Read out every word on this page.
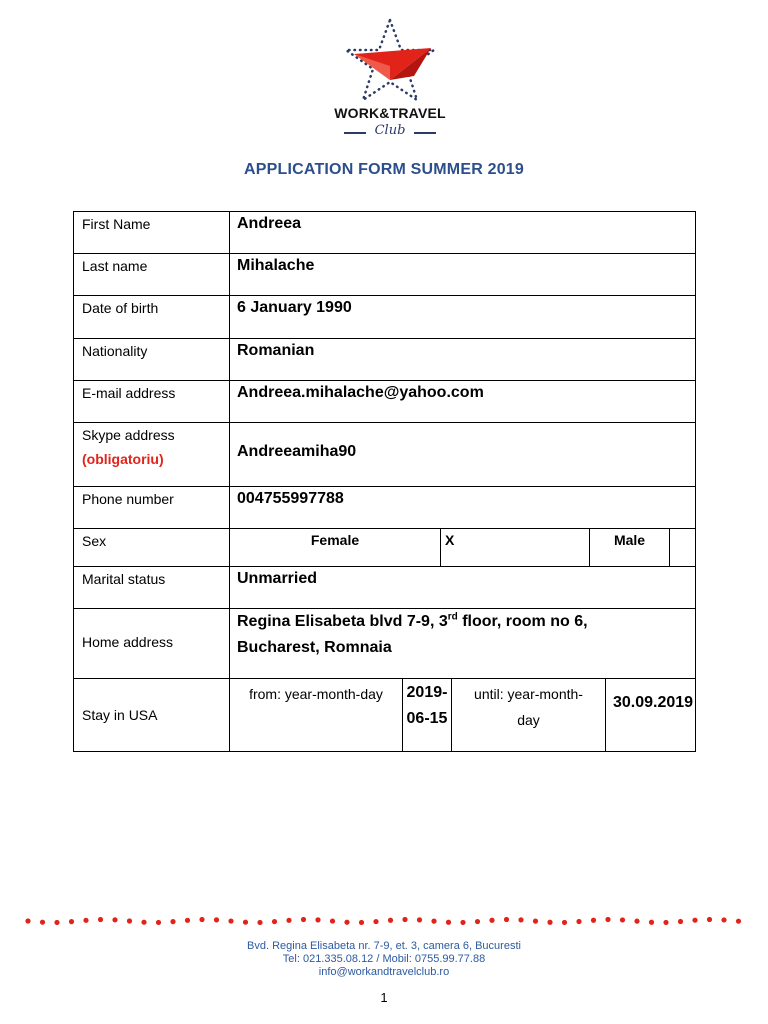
WORK&TRAVEL
Club
APPLICATION FORM SUMMER 2019
First Name	Andreea						
Last name	Mihalache						
Date of birth	6 January 1990						
Nationality	Romanian						
E-mail address	Andreea.mihalache@yahoo.com						

Skype address
(obligatoriu)	Andreeamiha90						
Phone number	004755997788						
Sex	Female		X		Male		
Marital status	Unmarried						
Home address	Regina Elisabeta blvd 7-9, 3rd floor, room no 6,
Bucharest, Romnaia						
Stay in USA	from: year-month-day	2019-06-15		until: year-month-day		30.09.2019	
Bvd. Regina Elisabeta nr. 7-9, et. 3, camera 6, Bucuresti
Tel: 021.335.08.12 / Mobil: 0755.99.77.88
info@workandtravelclub.ro
1
